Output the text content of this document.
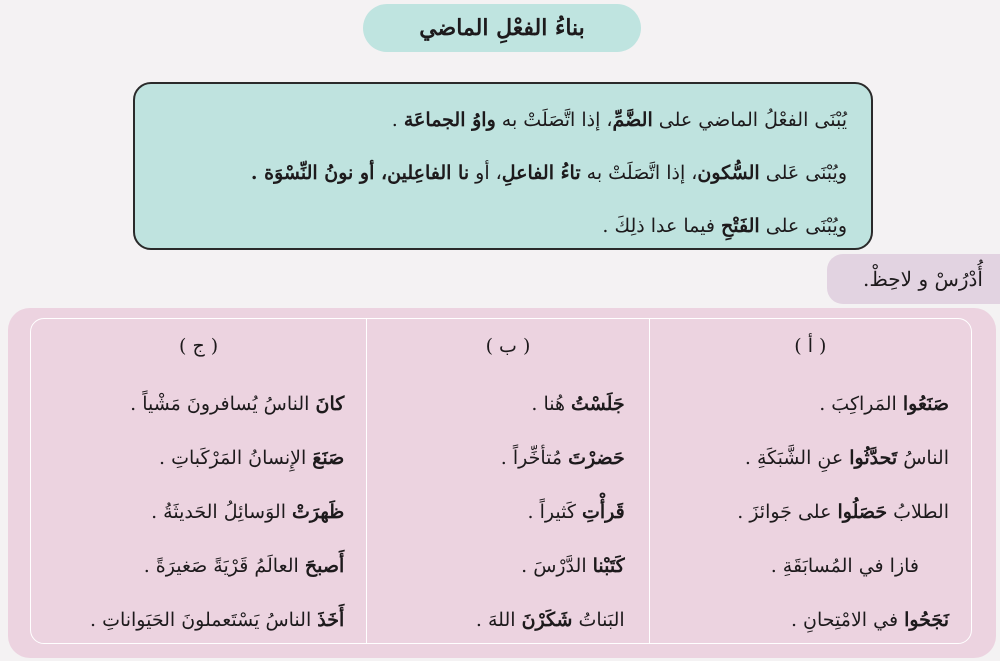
بناءُ الفعْلِ الماضي
يُبْنَى الفعْلُ الماضي على الضَّمِّ، إذا اتَّصَلَتْ به واوُ الجماعَة .
ويُبْنَى عَلى السُّكون، إذا اتَّصَلَتْ به تاءُ الفاعلِ، أو نا الفاعِلين، أو نونُ النِّسْوَة .
ويُبْنَى على الفَتْحِ فيما عدا ذلِكَ .
أُدْرُسْ و لاحِظْ.
( أ )
صَنَعُوا المَراكِبَ .
الناسُ تَحدَّثُوا عنِ الشَّبَكَةِ .
الطلابُ حَصَلُوا على جَوائزَ .
فازا في المُسابَقَةِ .
نَجَحُوا في الامْتِحانِ .
( ب )
جَلَسْتُ هُنا .
حَضرْتَ مُتأخِّراً .
قَرأْتِ كَثيراً .
كَتَبْنا الدَّرْسَ .
البَناتُ شَكَرْنَ اللهَ .
( ج )
كانَ الناسُ يُسافرونَ مَشْياً .
صَنَعَ الإِنسانُ المَرْكَباتِ .
ظَهرَتْ الوَسائِلُ الحَديثَةُ .
أَصبحَ العالَمُ قَرْيَةً صَغيرَةً .
أَخَذَ الناسُ يَسْتَعملونَ الحَيَواناتِ .
